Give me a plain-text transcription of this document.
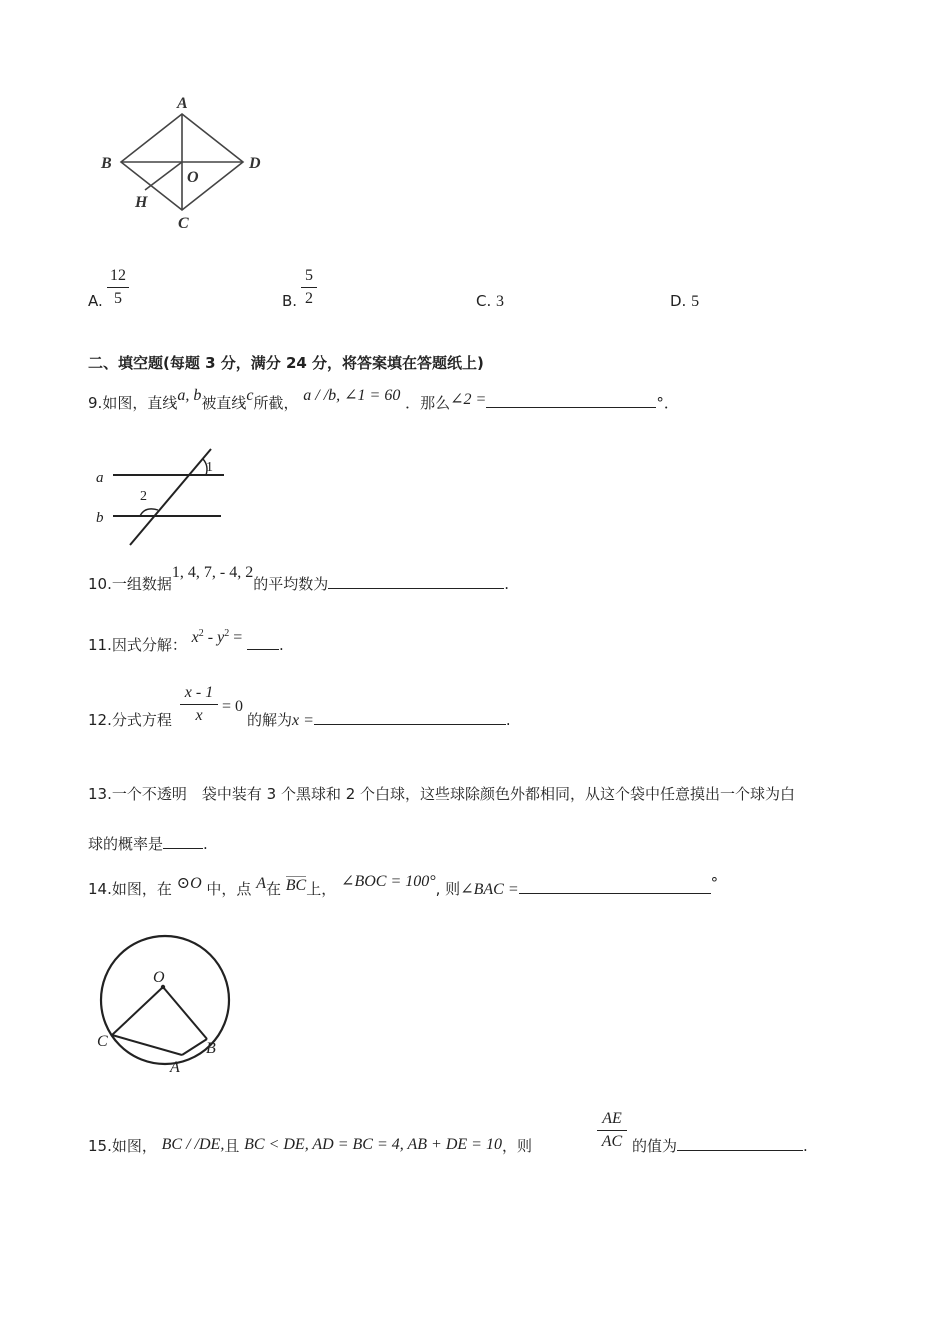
A
B	D
O
H
C
A.
12
5	B.
5
2	C. 3	D. 5
二、填空题(每题 3 分，满分 24 分，将答案填在答题纸上)
9.如图，直线a, b被直线c所截， a / /b, ∠1 = 60 ．那么∠2 =	°．
a
b
1
2
10.一组数据1, 4, 7, - 4, 2的平均数为	.
11.因式分解： $x^2 - y^2$ = .
12.分式方程
x - 1
x
= 0
的解为x =	.
13.一个不透明　袋中装有 3 个黑球和 2 个白球，这些球除颜色外都相同，从这个袋中任意摸出一个球为白
球的概率是	.
14.如图，在 ⊙O 中，点 A在 BC上， ∠BOC = 100°, 则∠BAC =	°
O
C	B
A
15.如图， BC / /DE,且 BC < DE, AD = BC = 4, AB + DE = 10，则
AE
AC 的值为	.
